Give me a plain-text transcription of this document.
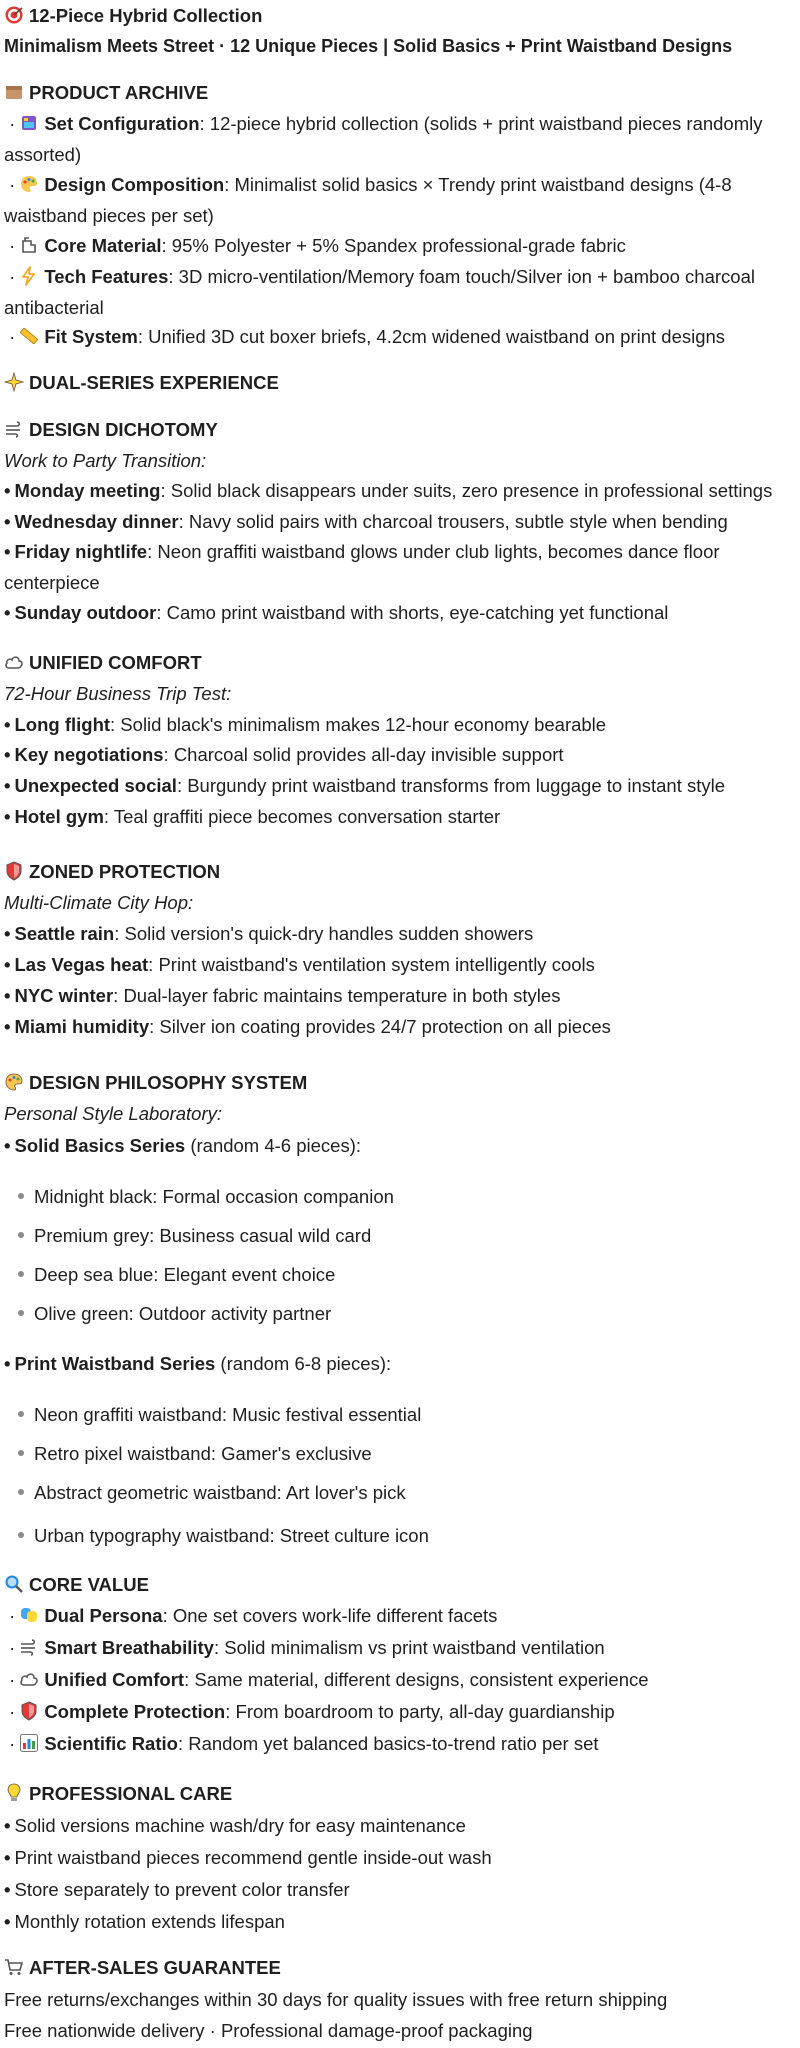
12-Piece Hybrid Collection
Minimalism Meets Street · 12 Unique Pieces | Solid Basics + Print Waistband Designs
PRODUCT ARCHIVE
· Set Configuration: 12-piece hybrid collection (solids + print waistband pieces randomly assorted)
· Design Composition: Minimalist solid basics × Trendy print waistband designs (4-8 waistband pieces per set)
· Core Material: 95% Polyester + 5% Spandex professional-grade fabric
· Tech Features: 3D micro-ventilation/Memory foam touch/Silver ion + bamboo charcoal antibacterial
· Fit System: Unified 3D cut boxer briefs, 4.2cm widened waistband on print designs
DUAL-SERIES EXPERIENCE
DESIGN DICHOTOMY
Work to Party Transition:
• Monday meeting: Solid black disappears under suits, zero presence in professional settings
• Wednesday dinner: Navy solid pairs with charcoal trousers, subtle style when bending
• Friday nightlife: Neon graffiti waistband glows under club lights, becomes dance floor centerpiece
• Sunday outdoor: Camo print waistband with shorts, eye-catching yet functional
UNIFIED COMFORT
72-Hour Business Trip Test:
• Long flight: Solid black's minimalism makes 12-hour economy bearable
• Key negotiations: Charcoal solid provides all-day invisible support
• Unexpected social: Burgundy print waistband transforms from luggage to instant style
• Hotel gym: Teal graffiti piece becomes conversation starter
ZONED PROTECTION
Multi-Climate City Hop:
• Seattle rain: Solid version's quick-dry handles sudden showers
• Las Vegas heat: Print waistband's ventilation system intelligently cools
• NYC winter: Dual-layer fabric maintains temperature in both styles
• Miami humidity: Silver ion coating provides 24/7 protection on all pieces
DESIGN PHILOSOPHY SYSTEM
Personal Style Laboratory:
• Solid Basics Series (random 4-6 pieces):
Midnight black: Formal occasion companion
Premium grey: Business casual wild card
Deep sea blue: Elegant event choice
Olive green: Outdoor activity partner
• Print Waistband Series (random 6-8 pieces):
Neon graffiti waistband: Music festival essential
Retro pixel waistband: Gamer's exclusive
Abstract geometric waistband: Art lover's pick
Urban typography waistband: Street culture icon
CORE VALUE
· Dual Persona: One set covers work-life different facets
· Smart Breathability: Solid minimalism vs print waistband ventilation
· Unified Comfort: Same material, different designs, consistent experience
· Complete Protection: From boardroom to party, all-day guardianship
· Scientific Ratio: Random yet balanced basics-to-trend ratio per set
PROFESSIONAL CARE
• Solid versions machine wash/dry for easy maintenance
• Print waistband pieces recommend gentle inside-out wash
• Store separately to prevent color transfer
• Monthly rotation extends lifespan
AFTER-SALES GUARANTEE
Free returns/exchanges within 30 days for quality issues with free return shipping
Free nationwide delivery · Professional damage-proof packaging
